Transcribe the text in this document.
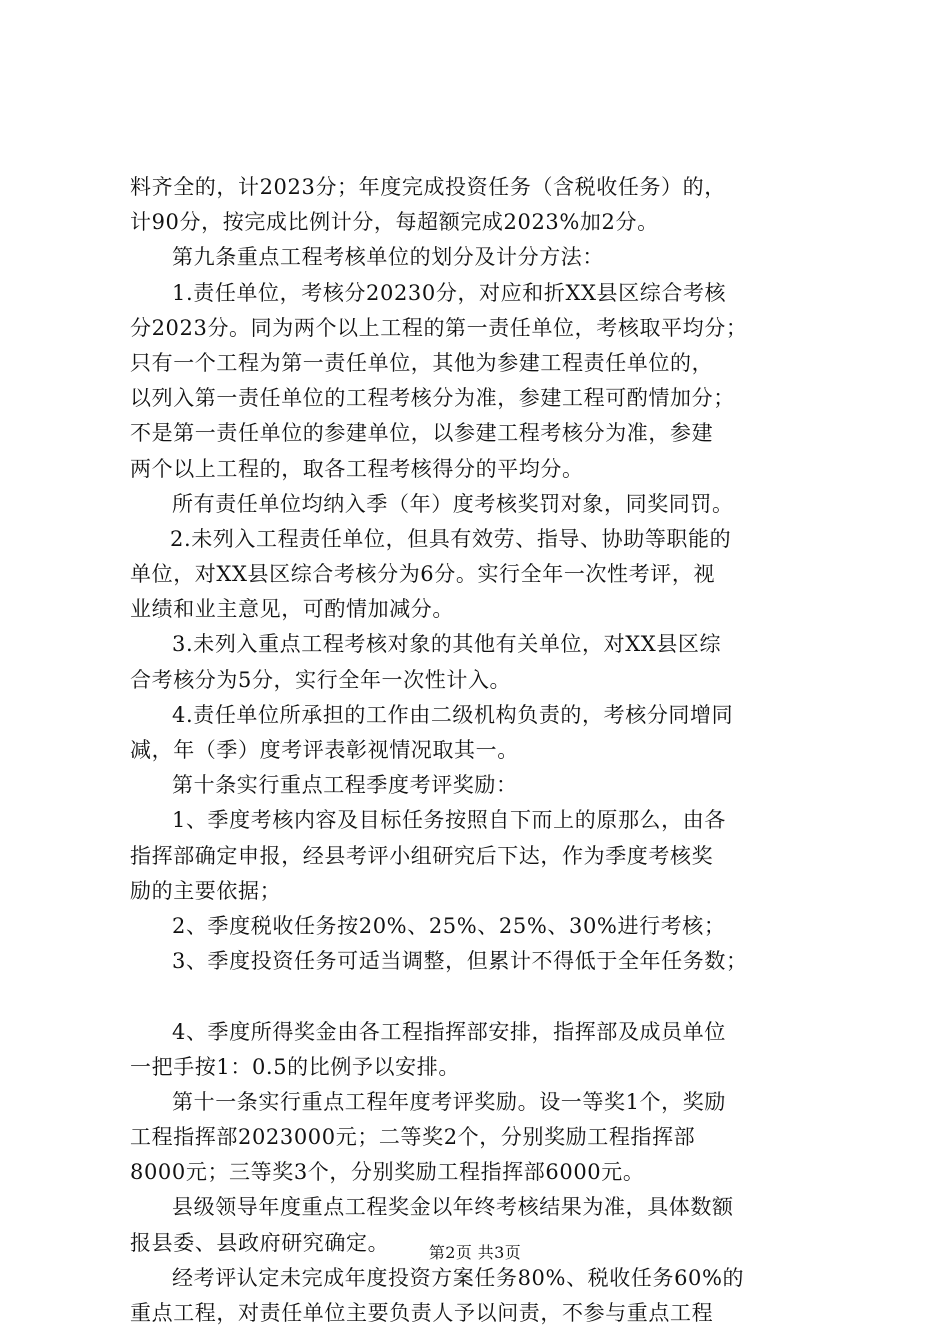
料齐全的，计2023分；年度完成投资任务（含税收任务）的，
计90分，按完成比例计分，每超额完成2023%加2分。
第九条重点工程考核单位的划分及计分方法：
1.责任单位，考核分20230分，对应和折XX县区综合考核
分2023分。同为两个以上工程的第一责任单位，考核取平均分；
只有一个工程为第一责任单位，其他为参建工程责任单位的，
以列入第一责任单位的工程考核分为准，参建工程可酌情加分；
不是第一责任单位的参建单位，以参建工程考核分为准，参建
两个以上工程的，取各工程考核得分的平均分。
所有责任单位均纳入季（年）度考核奖罚对象，同奖同罚。
2.未列入工程责任单位，但具有效劳、指导、协助等职能的
单位，对XX县区综合考核分为6分。实行全年一次性考评，视
业绩和业主意见，可酌情加减分。
3.未列入重点工程考核对象的其他有关单位，对XX县区综
合考核分为5分，实行全年一次性计入。
4.责任单位所承担的工作由二级机构负责的，考核分同增同
减，年（季）度考评表彰视情况取其一。
第十条实行重点工程季度考评奖励：
1、季度考核内容及目标任务按照自下而上的原那么，由各
指挥部确定申报，经县考评小组研究后下达，作为季度考核奖
励的主要依据；
2、季度税收任务按20%、25%、25%、30%进行考核；
3、季度投资任务可适当调整，但累计不得低于全年任务数；
4、季度所得奖金由各工程指挥部安排，指挥部及成员单位
一把手按1：0.5的比例予以安排。
第十一条实行重点工程年度考评奖励。设一等奖1个，奖励
工程指挥部2023000元；二等奖2个，分别奖励工程指挥部
8000元；三等奖3个，分别奖励工程指挥部6000元。
县级领导年度重点工程奖金以年终考核结果为准，具体数额
报县委、县政府研究确定。
经考评认定未完成年度投资方案任务80%、税收任务60%的
重点工程，对责任单位主要负责人予以问责，不参与重点工程
第2页 共3页
